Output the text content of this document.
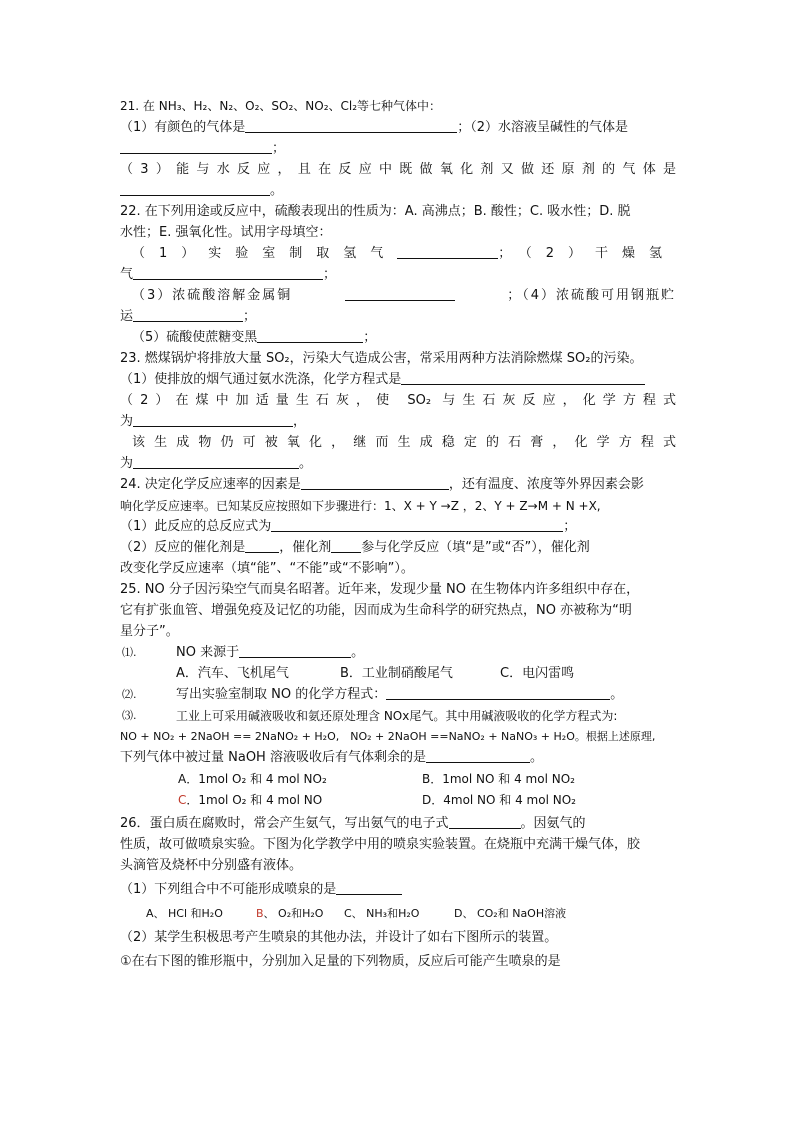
21. 在 NH₃、H₂、N₂、O₂、SO₂、NO₂、Cl₂等七种气体中：
（1）有颜色的气体是	；（2）水溶液呈碱性的气体是
；
（3）能与水反应，且在反应中既做氧化剂又做还原剂的气体是
。
22. 在下列用途或反应中，硫酸表现出的性质为：A. 高沸点；B. 酸性；C. 吸水性；D. 脱
水性；E. 强氧化性。试用字母填空：
（1）实验室制取氢气	；（2）干燥氢
气	；
（3）浓硫酸溶解金属铜	；（4）浓硫酸可用钢瓶贮
运	；
（5）硫酸使蔗糖变黑	；
23. 燃煤锅炉将排放大量 SO₂，污染大气造成公害，常采用两种方法消除燃煤 SO₂的污染。
（1）使排放的烟气通过氨水洗涤，化学方程式是
（2）在煤中加适量生石灰，使 SO₂ 与生石灰反应，化学方程式
为	，
该生成物仍可被氧化，继而生成稳定的石膏，化学方程式
为	。
24. 决定化学反应速率的因素是	，还有温度、浓度等外界因素会影
响化学反应速率。已知某反应按照如下步骤进行：1、X + Y →Z ，2、Y + Z→M + N +X,
（1）此反应的总反应式为	；
（2）反应的催化剂是	，催化剂 参与化学反应（填“是”或“否”），催化剂
改变化学反应速率（填“能”、“不能”或“不影响”）。
25. NO 分子因污染空气而臭名昭著。近年来，发现少量 NO 在生物体内许多组织中存在，
它有扩张血管、增强免疫及记忆的功能，因而成为生命科学的研究热点，NO 亦被称为“明
星分子”。
⑴.	NO 来源于	。
A．汽车、飞机尾气	B．工业制硝酸尾气	C．电闪雷鸣
⑵.	写出实验室制取 NO 的化学方程式：	。
⑶.	工业上可采用碱液吸收和氨还原处理含 NOx尾气。其中用碱液吸收的化学方程式为:
NO + NO₂ + 2NaOH == 2NaNO₂ + H₂O,　NO₂ + 2NaOH ==NaNO₂ + NaNO₃ + H₂O。根据上述原理,
下列气体中被过量 NaOH 溶液吸收后有气体剩余的是	。
A．1mol O₂ 和 4 mol NO₂	B．1mol NO 和 4 mol NO₂
C．1mol O₂ 和 4 mol NO	D．4mol NO 和 4 mol NO₂
26．蛋白质在腐败时，常会产生氨气，写出氨气的电子式	。因氨气的
性质，故可做喷泉实验。下图为化学教学中用的喷泉实验装置。在烧瓶中充满干燥气体，胶
头滴管及烧杯中分别盛有液体。
（1）下列组合中不可能形成喷泉的是
A、 HCl 和H₂O	B、 O₂和H₂O C、 NH₃和H₂O	D、 CO₂和 NaOH溶液
（2）某学生积极思考产生喷泉的其他办法，并设计了如右下图所示的装置。
①在右下图的锥形瓶中，分别加入足量的下列物质，反应后可能产生喷泉的是
